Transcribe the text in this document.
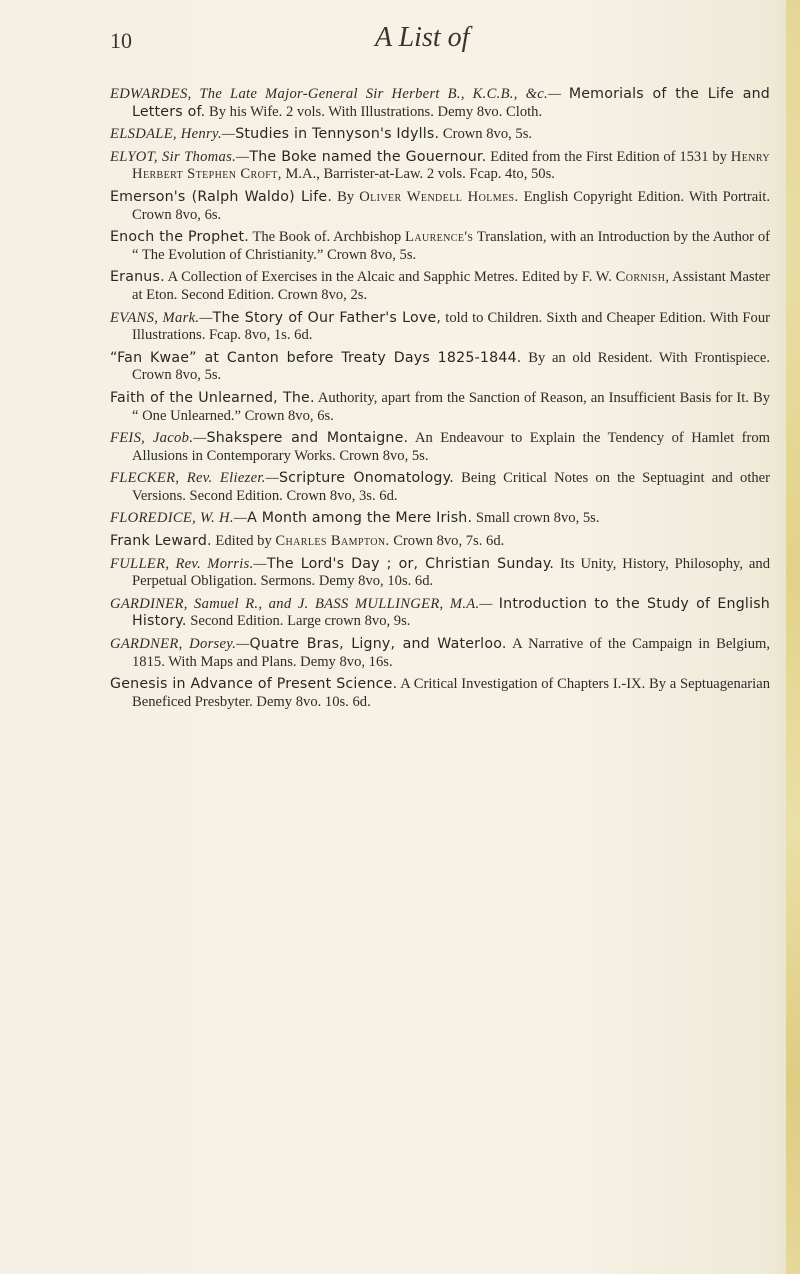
10	A List of

EDWARDES, The Late Major-General Sir Herbert B., K.C.B., &c.— Memorials of the Life and Letters of. By his Wife. 2 vols. With Illustrations. Demy 8vo. Cloth.

ELSDALE, Henry.—Studies in Tennyson's Idylls. Crown 8vo, 5s.

ELYOT, Sir Thomas.—The Boke named the Gouernour. Edited from the First Edition of 1531 by Henry Herbert Stephen Croft, M.A., Barrister-at-Law. 2 vols. Fcap. 4to, 50s.

Emerson's (Ralph Waldo) Life. By Oliver Wendell Holmes. English Copyright Edition. With Portrait. Crown 8vo, 6s.

Enoch the Prophet. The Book of. Archbishop Laurence's Translation, with an Introduction by the Author of “ The Evolution of Christianity.” Crown 8vo, 5s.

Eranus. A Collection of Exercises in the Alcaic and Sapphic Metres. Edited by F. W. Cornish, Assistant Master at Eton. Second Edition. Crown 8vo, 2s.

EVANS, Mark.—The Story of Our Father's Love, told to Children. Sixth and Cheaper Edition. With Four Illustrations. Fcap. 8vo, 1s. 6d.

“Fan Kwae” at Canton before Treaty Days 1825-1844. By an old Resident. With Frontispiece. Crown 8vo, 5s.

Faith of the Unlearned, The. Authority, apart from the Sanction of Reason, an Insufficient Basis for It. By “ One Unlearned.” Crown 8vo, 6s.

FEIS, Jacob.—Shakspere and Montaigne. An Endeavour to Explain the Tendency of Hamlet from Allusions in Contemporary Works. Crown 8vo, 5s.

FLECKER, Rev. Eliezer.—Scripture Onomatology. Being Critical Notes on the Septuagint and other Versions. Second Edition. Crown 8vo, 3s. 6d.

FLOREDICE, W. H.—A Month among the Mere Irish. Small crown 8vo, 5s.

Frank Leward. Edited by Charles Bampton. Crown 8vo, 7s. 6d.

FULLER, Rev. Morris.—The Lord's Day ; or, Christian Sunday. Its Unity, History, Philosophy, and Perpetual Obligation. Sermons. Demy 8vo, 10s. 6d.

GARDINER, Samuel R., and J. BASS MULLINGER, M.A.— Introduction to the Study of English History. Second Edition. Large crown 8vo, 9s.

GARDNER, Dorsey.—Quatre Bras, Ligny, and Waterloo. A Narrative of the Campaign in Belgium, 1815. With Maps and Plans. Demy 8vo, 16s.

Genesis in Advance of Present Science. A Critical Investigation of Chapters I.-IX. By a Septuagenarian Beneficed Presbyter. Demy 8vo. 10s. 6d.
